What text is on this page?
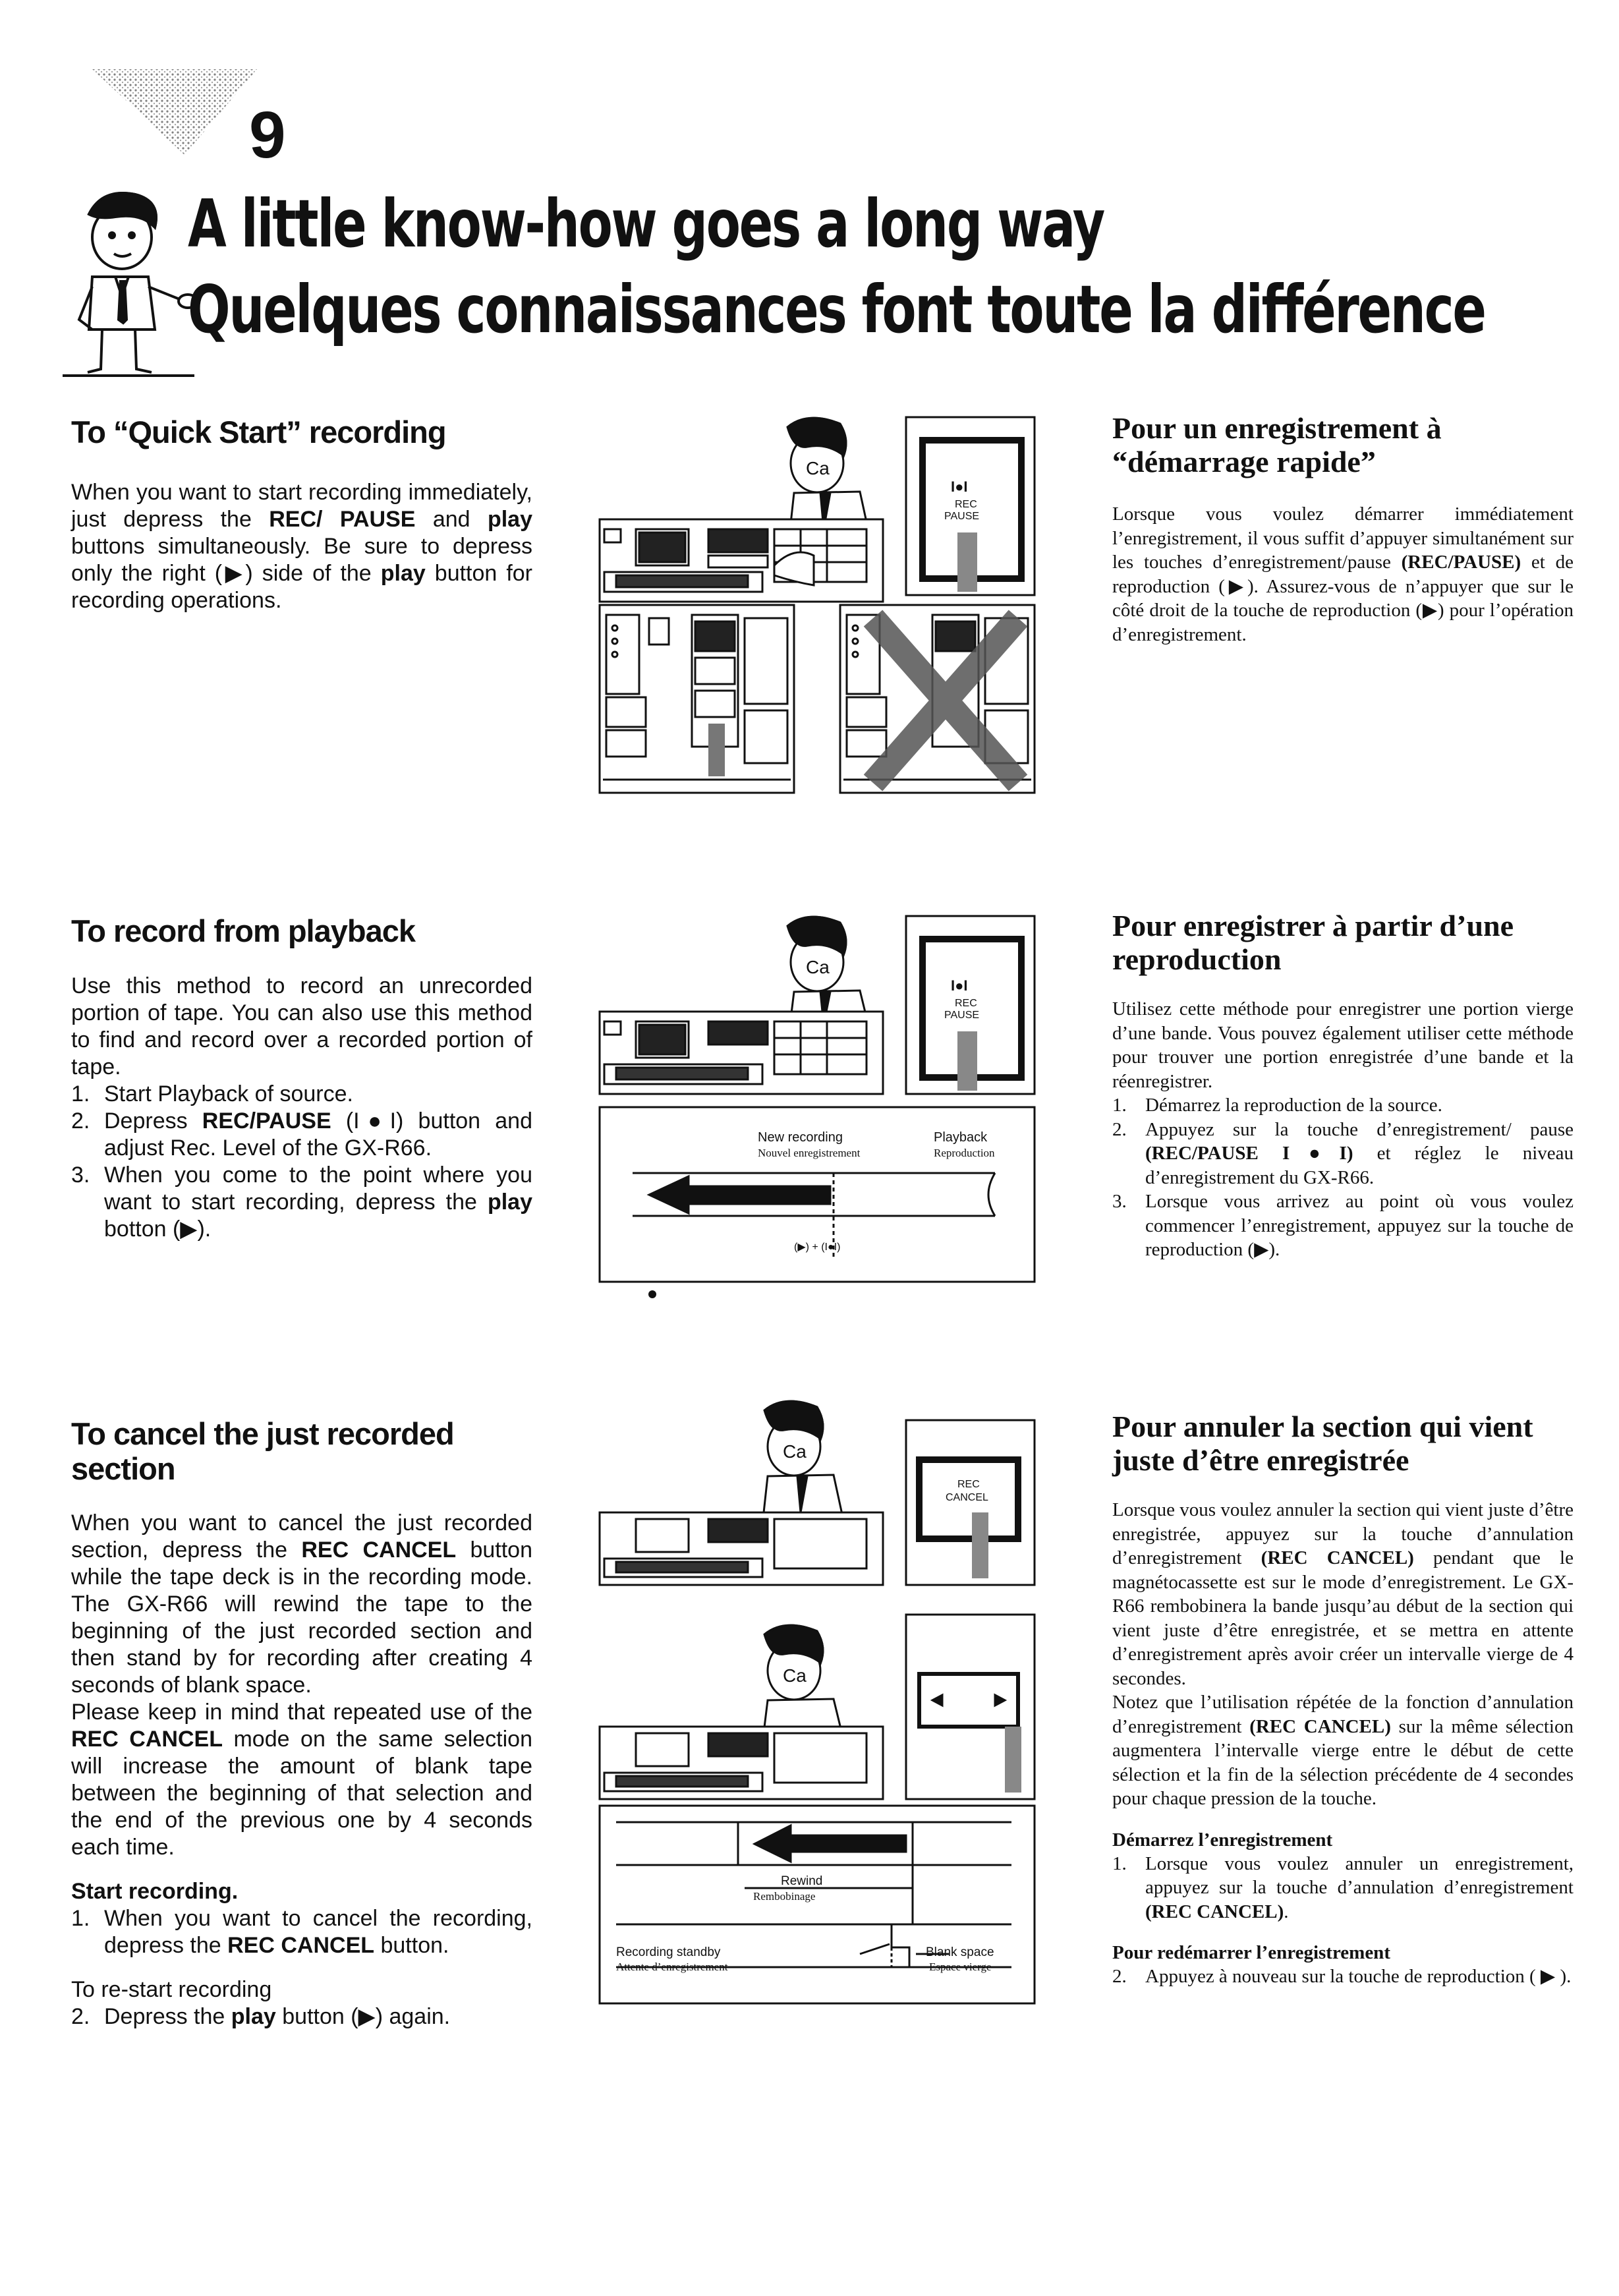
9
A little know-how goes a long way
Quelques connaissances font toute la différence
To “Quick Start” recording

When you want to start recording immediately, just depress the REC/ PAUSE and play buttons simultaneously. Be sure to depress only the right (▶) side of the play button for recording operations.

Ca
I●I
REC
PAUSE
Pour un enregistrement à “démarrage rapide”

Lorsque vous voulez démarrer immédiatement l’enregistrement, il vous suffit d’appuyer simultanément sur les touches d’enregistrement/pause (REC/PAUSE) et de reproduction (▶). Assurez-vous de n’appuyer que sur le côté droit de la touche de reproduction (▶) pour l’opération d’enregistrement.

To record from playback

Use this method to record an unrecorded portion of tape. You can also use this method to find and record over a recorded portion of tape.

1. Start Playback of source.
2. Depress REC/PAUSE (I●I) button and adjust Rec. Level of the GX-R66.
3. When you come to the point where you want to start recording, depress the play botton (▶).
Ca
I●I
REC
PAUSE
New recording
Nouvel enregistrement
Playback
Reproduction
(▶) + (I●I)
Pour enregistrer à partir d’une reproduction

Utilisez cette méthode pour enregistrer une portion vierge d’une bande. Vous pouvez également utiliser cette méthode pour trouver une portion enregistrée d’une bande et la réenregistrer.

1. Démarrez la reproduction de la source.
2. Appuyez sur la touche d’enregistrement/ pause (REC/PAUSE I●I) et réglez le niveau d’enregistrement du GX-R66.
3. Lorsque vous arrivez au point où vous voulez commencer l’enregistrement, appuyez sur la touche de reproduction (▶).
To cancel the just recorded section

When you want to cancel the just recorded section, depress the REC CANCEL button while the tape deck is in the recording mode. The GX-R66 will rewind the tape to the beginning of the just recorded section and then stand by for recording after creating 4 seconds of blank space.

Please keep in mind that repeated use of the REC CANCEL mode on the same selection will increase the amount of blank tape between the beginning of that selection and the end of the previous one by 4 seconds each time.

Start recording.

1. When you want to cancel the recording, depress the REC CANCEL button.

To re-start recording

2. Depress the play button (▶) again.
Ca
REC
CANCEL
Ca
Rewind
Rembobinage
Recording standby
Attente d’enregistrement
Blank space
Espace vierge
Pour annuler la section qui vient juste d’être enregistrée

Lorsque vous voulez annuler la section qui vient juste d’être enregistrée, appuyez sur la touche d’annulation d’enregistrement (REC CANCEL) pendant que le magnétocassette est sur le mode d’enregistrement. Le GX-R66 rembobinera la bande jusqu’au début de la section qui vient juste d’être enregistrée, et se mettra en attente d’enregistrement après avoir créer un intervalle vierge de 4 secondes.

Notez que l’utilisation répétée de la fonction d’annulation d’enregistrement (REC CANCEL) sur la même sélection augmentera l’intervalle vierge entre le début de cette sélection et la fin de la sélection précédente de 4 secondes pour chaque pression de la touche.

Démarrez l’enregistrement

1. Lorsque vous voulez annuler un enregistrement, appuyez sur la touche d’annulation d’enregistrement (REC CANCEL).

Pour redémarrer l’enregistrement

2. Appuyez à nouveau sur la touche de reproduction ( ▶ ).
